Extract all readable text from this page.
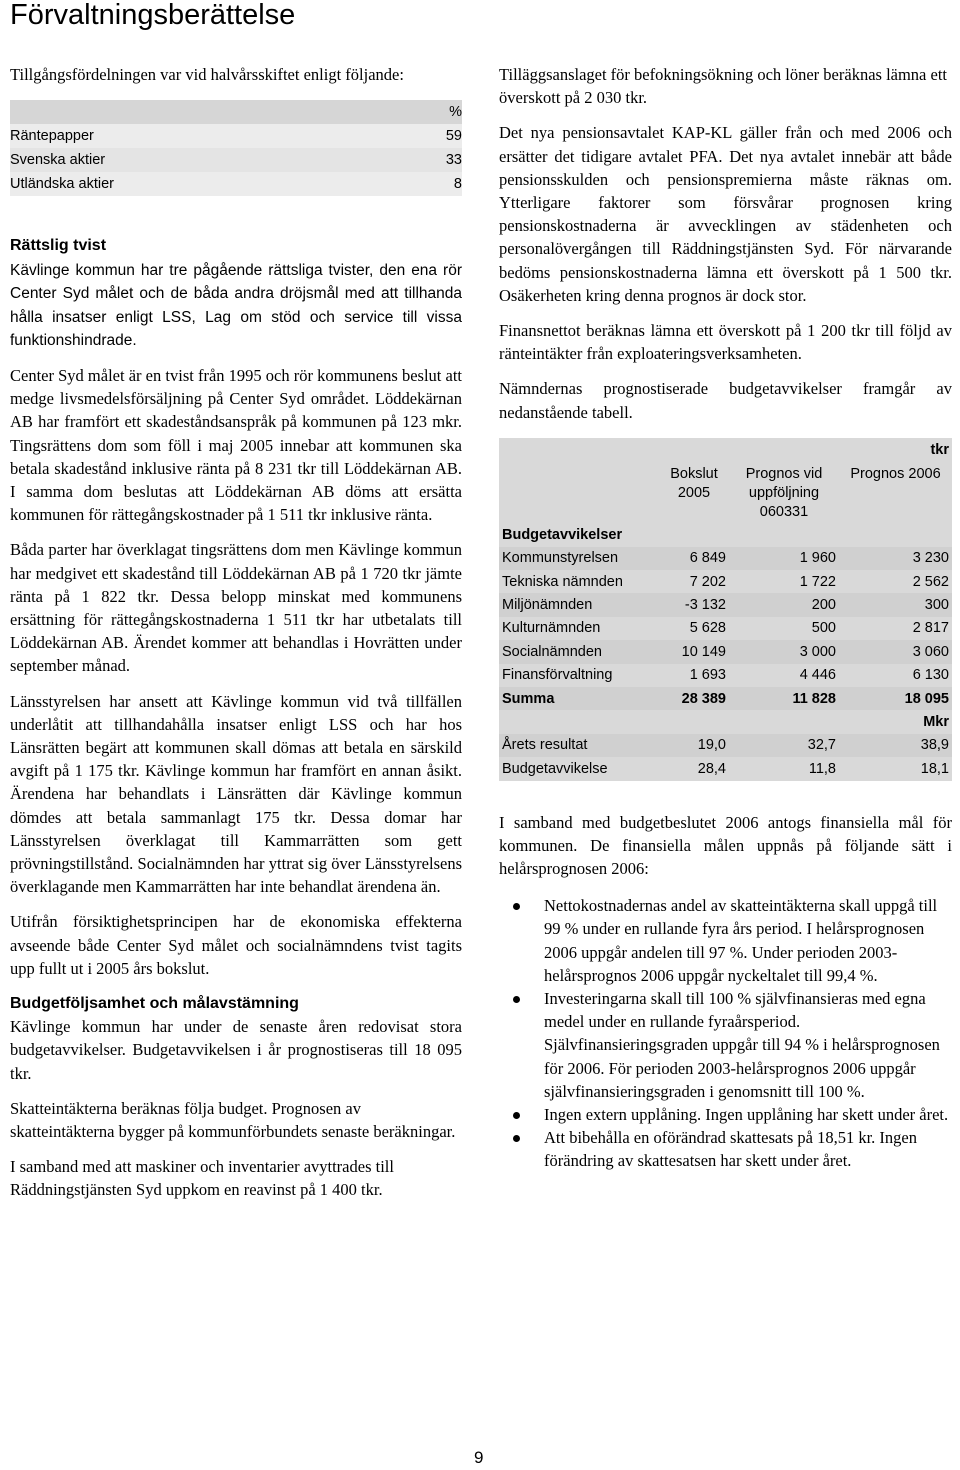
Förvaltningsberättelse

Tillgångsfördelningen var vid halvårsskiftet enligt följande:

	%
Räntepapper	59
Svenska aktier	33
Utländska aktier	8
Rättslig tvist

Kävlinge kommun har tre pågående rättsliga tvister, den ena rör Center Syd målet och de båda andra dröjsmål med att tillhanda hålla insatser enligt LSS, Lag om stöd och service till vissa funktionshindrade.

Center Syd målet är en tvist från 1995 och rör kommunens beslut att medge livsmedelsförsäljning på Center Syd området. Löddekärnan AB har framfört ett skadeståndsanspråk på kommunen på 123 mkr. Tingsrättens dom som föll i maj 2005 innebar att kommunen ska betala skadestånd inklusive ränta på 8 231 tkr till Löddekärnan AB. I samma dom beslutas att Löddekärnan AB döms att ersätta kommunen för rättegångskostnader på 1 511 tkr inklusive ränta.

Båda parter har överklagat tingsrättens dom men Kävlinge kommun har medgivet ett skadestånd till Löddekärnan AB på 1 720 tkr jämte ränta på 1 822 tkr. Dessa belopp minskat med kommunens ersättning för rättegångskostnaderna 1 511 tkr har utbetalats till Löddekärnan AB. Ärendet kommer att behandlas i Hovrätten under september månad.

Länsstyrelsen har ansett att Kävlinge kommun vid två tillfällen underlåtit att tillhandahålla insatser enligt LSS och har hos Länsrätten begärt att kommunen skall dömas att betala en särskild avgift på 1 175 tkr. Kävlinge kommun har framfört en annan åsikt. Ärendena har behandlats i Länsrätten där Kävlinge kommun dömdes att betala sammanlagt 175 tkr. Dessa domar har Länsstyrelsen överklagat till Kammarrätten som gett prövningstillstånd. Socialnämnden har yttrat sig över Länsstyrelsens överklagande men Kammarrätten har inte behandlat ärendena än.

Utifrån försiktighetsprincipen har de ekonomiska effekterna avseende både Center Syd målet och socialnämndens tvist tagits upp fullt ut i 2005 års bokslut.

Budgetföljsamhet och målavstämning

Kävlinge kommun har under de senaste åren redovisat stora budgetavvikelser. Budgetavvikelsen i år prognostiseras till 18 095 tkr.

Skatteintäkterna beräknas följa budget. Prognosen av skatteintäkterna bygger på kommunförbundets senaste beräkningar.

I samband med att maskiner och inventarier avyttrades till Räddningstjänsten Syd uppkom en reavinst på 1 400 tkr.

Tilläggsanslaget för befokningsökning och löner beräknas lämna ett överskott på 2 030 tkr.

Det nya pensionsavtalet KAP-KL gäller från och med 2006 och ersätter det tidigare avtalet PFA. Det nya avtalet innebär att både pensionsskulden och pensionspremierna måste räknas om. Ytterligare faktorer som försvårar prognosen kring pensionskostnaderna är avvecklingen av städenheten och personalövergången till Räddningstjänsten Syd. För närvarande bedöms pensionskostnaderna lämna ett överskott på 1 500 tkr. Osäkerheten kring denna prognos är dock stor.

Finansnettot beräknas lämna ett överskott på 1 200 tkr till följd av ränteintäkter från exploateringsverksamheten.

Nämndernas prognostiserade budgetavvikelser framgår av nedanstående tabell.

			tkr
	Bokslut 2005	Prognos vid uppföljning 060331	Prognos 2006
Budgetavvikelser			
Kommunstyrelsen	6 849	1 960	3 230
Tekniska nämnden	7 202	1 722	2 562
Miljönämnden	-3 132	200	300
Kulturnämnden	5 628	500	2 817
Socialnämnden	10 149	3 000	3 060
Finansförvaltning	1 693	4 446	6 130
Summa	28 389	11 828	18 095
			Mkr
Årets resultat	19,0	32,7	38,9
Budgetavvikelse	28,4	11,8	18,1

I samband med budgetbeslutet 2006 antogs finansiella mål för kommunen. De finansiella målen uppnås på följande sätt i helårsprognosen 2006:

Nettokostnadernas andel av skatteintäkterna skall uppgå till 99 % under en rullande fyra års period. I helårsprognosen 2006 uppgår andelen till 97 %. Under perioden 2003-helårsprognos 2006 uppgår nyckeltalet till 99,4 %.
Investeringarna skall till 100 % självfinansieras med egna medel under en rullande fyraårsperiod. Självfinansieringsgraden uppgår till 94 % i helårsprognosen för 2006. För perioden 2003-helårsprognos 2006 uppgår självfinansieringsgraden i genomsnitt till 100 %.
Ingen extern upplåning. Ingen upplåning har skett under året.
Att bibehålla en oförändrad skattesats på 18,51 kr. Ingen förändring av skattesatsen har skett under året.
9
